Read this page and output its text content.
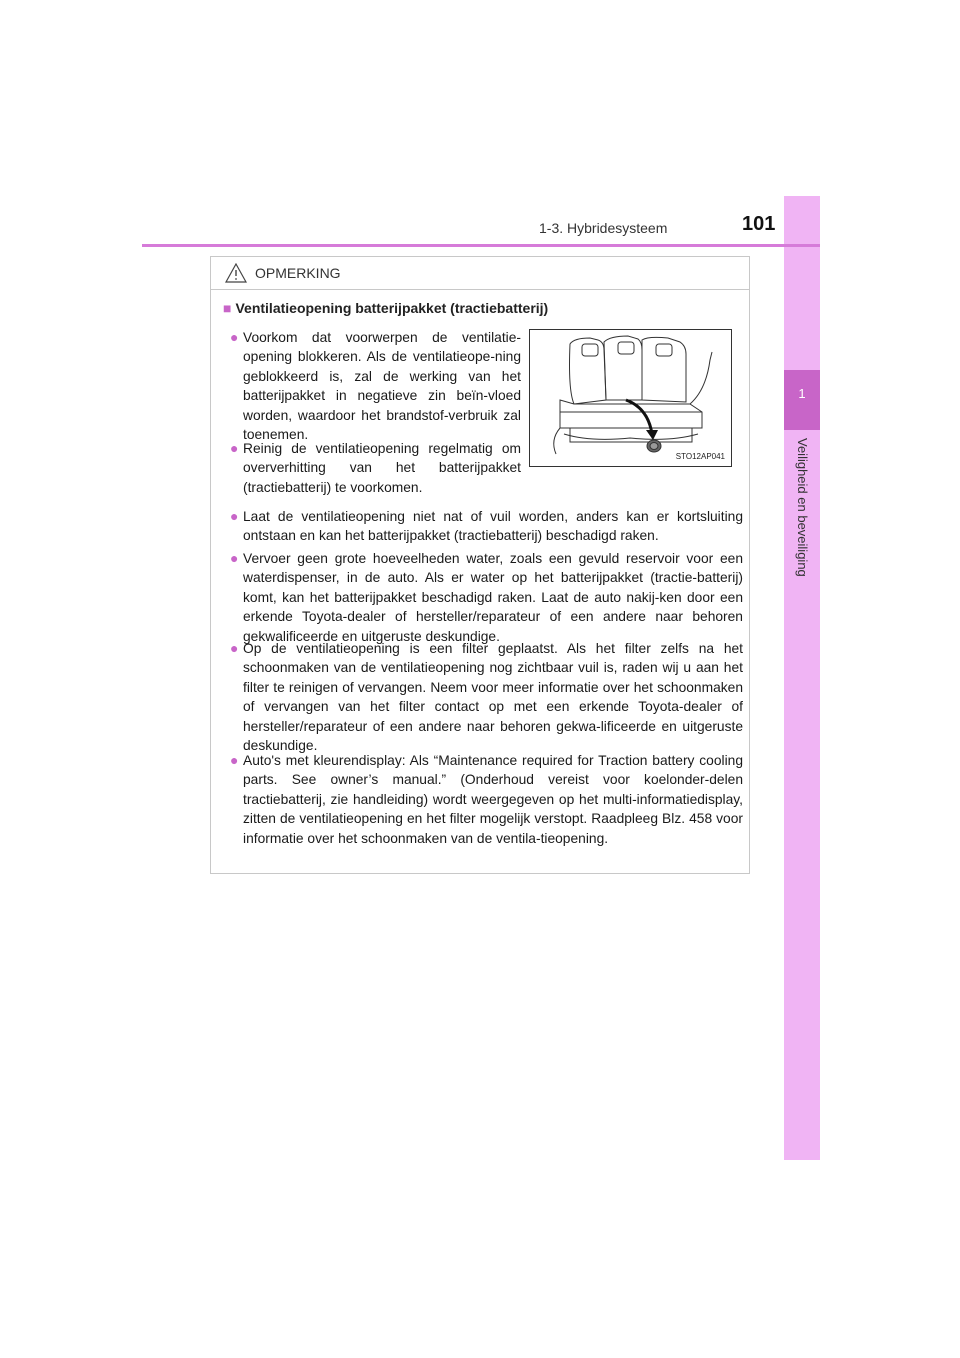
1
Veiligheid en beveiliging
1-3. Hybridesysteem	101
OPMERKING
■ Ventilatieopening batterijpakket (tractiebatterij)
● Voorkom dat voorwerpen de ventilatie-opening blokkeren. Als de ventilatieope-ning geblokkeerd is, zal de werking van het batterijpakket in negatieve zin beïn-vloed worden, waardoor het brandstof-verbruik zal toenemen.
● Reinig de ventilatieopening regelmatig om oververhitting van het batterijpakket (tractiebatterij) te voorkomen.
● Laat de ventilatieopening niet nat of vuil worden, anders kan er kortsluiting ontstaan en kan het batterijpakket (tractiebatterij) beschadigd raken.
● Vervoer geen grote hoeveelheden water, zoals een gevuld reservoir voor een waterdispenser, in de auto. Als er water op het batterijpakket (tractie-batterij) komt, kan het batterijpakket beschadigd raken. Laat de auto nakij-ken door een erkende Toyota-dealer of hersteller/reparateur of een andere naar behoren gekwalificeerde en uitgeruste deskundige.
● Op de ventilatieopening is een filter geplaatst. Als het filter zelfs na het schoonmaken van de ventilatieopening nog zichtbaar vuil is, raden wij u aan het filter te reinigen of vervangen. Neem voor meer informatie over het schoonmaken of vervangen van het filter contact op met een erkende Toyota-dealer of hersteller/reparateur of een andere naar behoren gekwa-lificeerde en uitgeruste deskundige.
● Auto's met kleurendisplay: Als “Maintenance required for Traction battery cooling parts. See owner’s manual.” (Onderhoud vereist voor koelonder-delen tractiebatterij, zie handleiding) wordt weergegeven op het multi-informatiedisplay, zitten de ventilatieopening en het filter mogelijk verstopt. Raadpleeg Blz. 458 voor informatie over het schoonmaken van de ventila-tieopening.
STO12AP041
